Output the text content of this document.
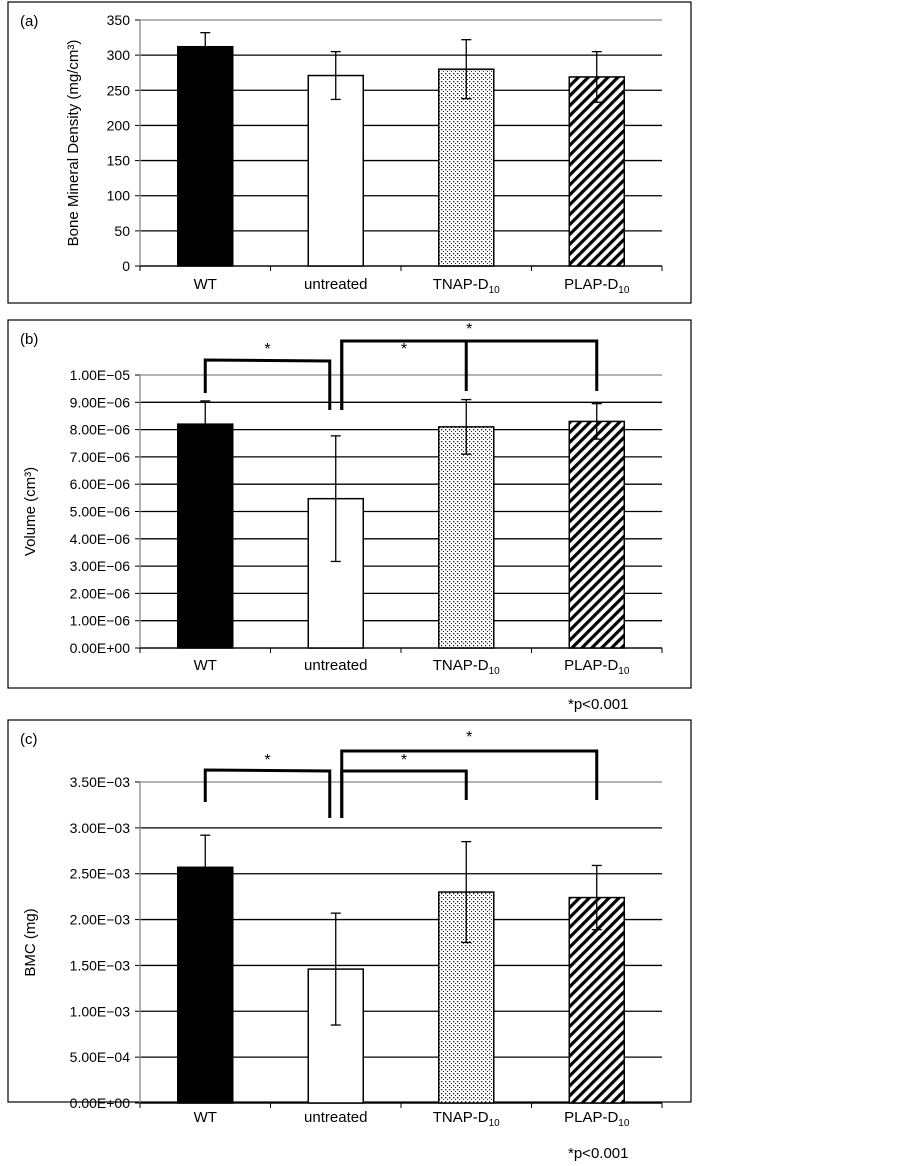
(a)
0
50
100
150
200
250
300
350
Bone Mineral Density (mg/cm³)
WT	untreated	TNAP-$D_{10}$	PLAP-$D_{10}$
(b)
0.00E+00
1.00E−06
2.00E−06
3.00E−06
4.00E−06
5.00E−06
6.00E−06
7.00E−06
8.00E−06
9.00E−06
1.00E−05
Volume (cm³)
WT	untreated	TNAP-$D_{10}$	PLAP-$D_{10}$
*	*
*
*p<0.001
(c)
0.00E+00
5.00E−04
1.00E−03
1.50E−03
2.00E−03
2.50E−03
3.00E−03
3.50E−03
BMC (mg)
WT	untreated	TNAP-$D_{10}$	PLAP-$D_{10}$
*	*
*
*p<0.001
